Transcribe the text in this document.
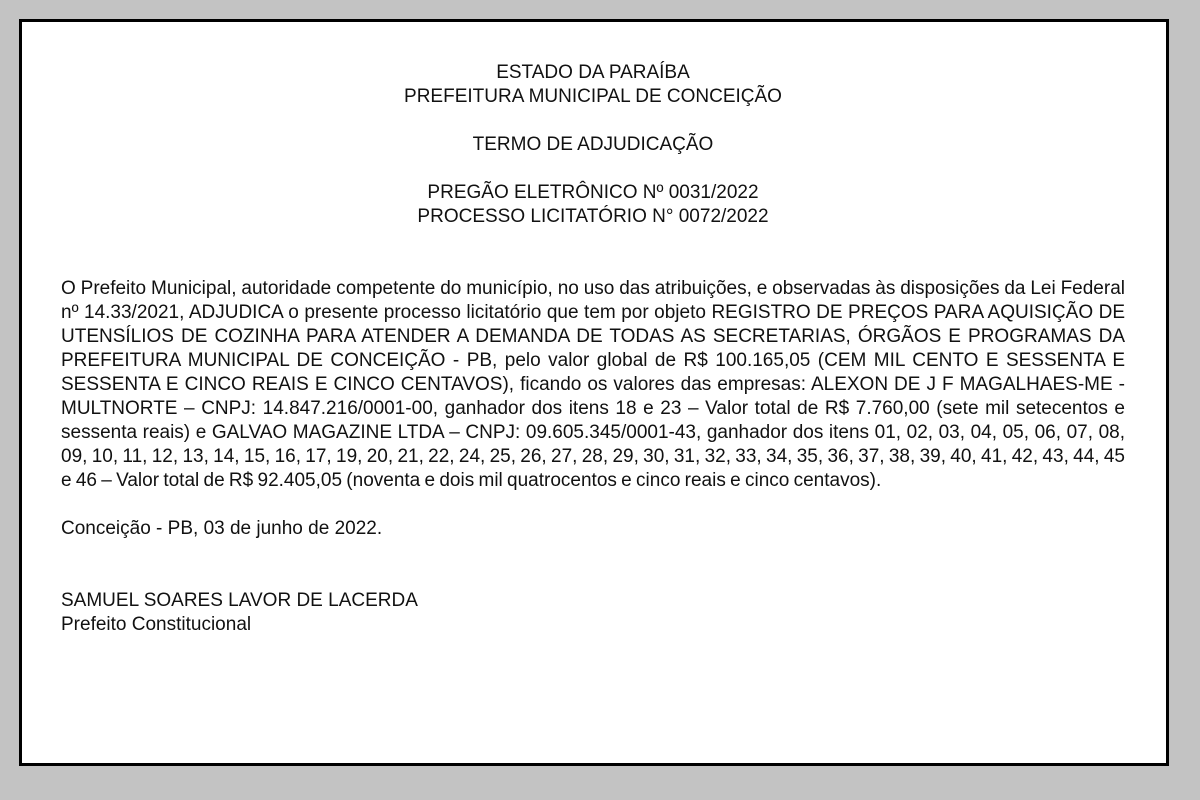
ESTADO DA PARAÍBA

PREFEITURA MUNICIPAL DE CONCEIÇÃO

TERMO DE ADJUDICAÇÃO

PREGÃO ELETRÔNICO Nº 0031/2022

PROCESSO LICITATÓRIO N° 0072/2022

O Prefeito Municipal, autoridade competente do município, no uso das atribuições, e observadas às disposições da Lei Federal nº 14.33/2021, ADJUDICA o presente processo licitatório que tem por objeto REGISTRO DE PREÇOS PARA AQUISIÇÃO DE UTENSÍLIOS DE COZINHA PARA ATENDER A DEMANDA DE TODAS AS SECRETARIAS, ÓRGÃOS E PROGRAMAS DA PREFEITURA MUNICIPAL DE CONCEIÇÃO - PB, pelo valor global de R$ 100.165,05 (CEM MIL CENTO E SESSENTA E SESSENTA E CINCO REAIS E CINCO CENTAVOS), ficando os valores das empresas: ALEXON DE J F MAGALHAES-ME - MULTNORTE – CNPJ: 14.847.216/0001-00, ganhador dos itens 18 e 23 – Valor total de R$ 7.760,00 (sete mil setecentos e sessenta reais) e GALVAO MAGAZINE LTDA – CNPJ: 09.605.345/0001-43, ganhador dos itens 01, 02, 03, 04, 05, 06, 07, 08, 09, 10, 11, 12, 13, 14, 15, 16, 17, 19, 20, 21, 22, 24, 25, 26, 27, 28, 29, 30, 31, 32, 33, 34, 35, 36, 37, 38, 39, 40, 41, 42, 43, 44, 45 e 46 – Valor total de R$ 92.405,05 (noventa e dois mil quatrocentos e cinco reais e cinco centavos).

Conceição - PB, 03 de junho de 2022.

SAMUEL SOARES LAVOR DE LACERDA

Prefeito Constitucional
